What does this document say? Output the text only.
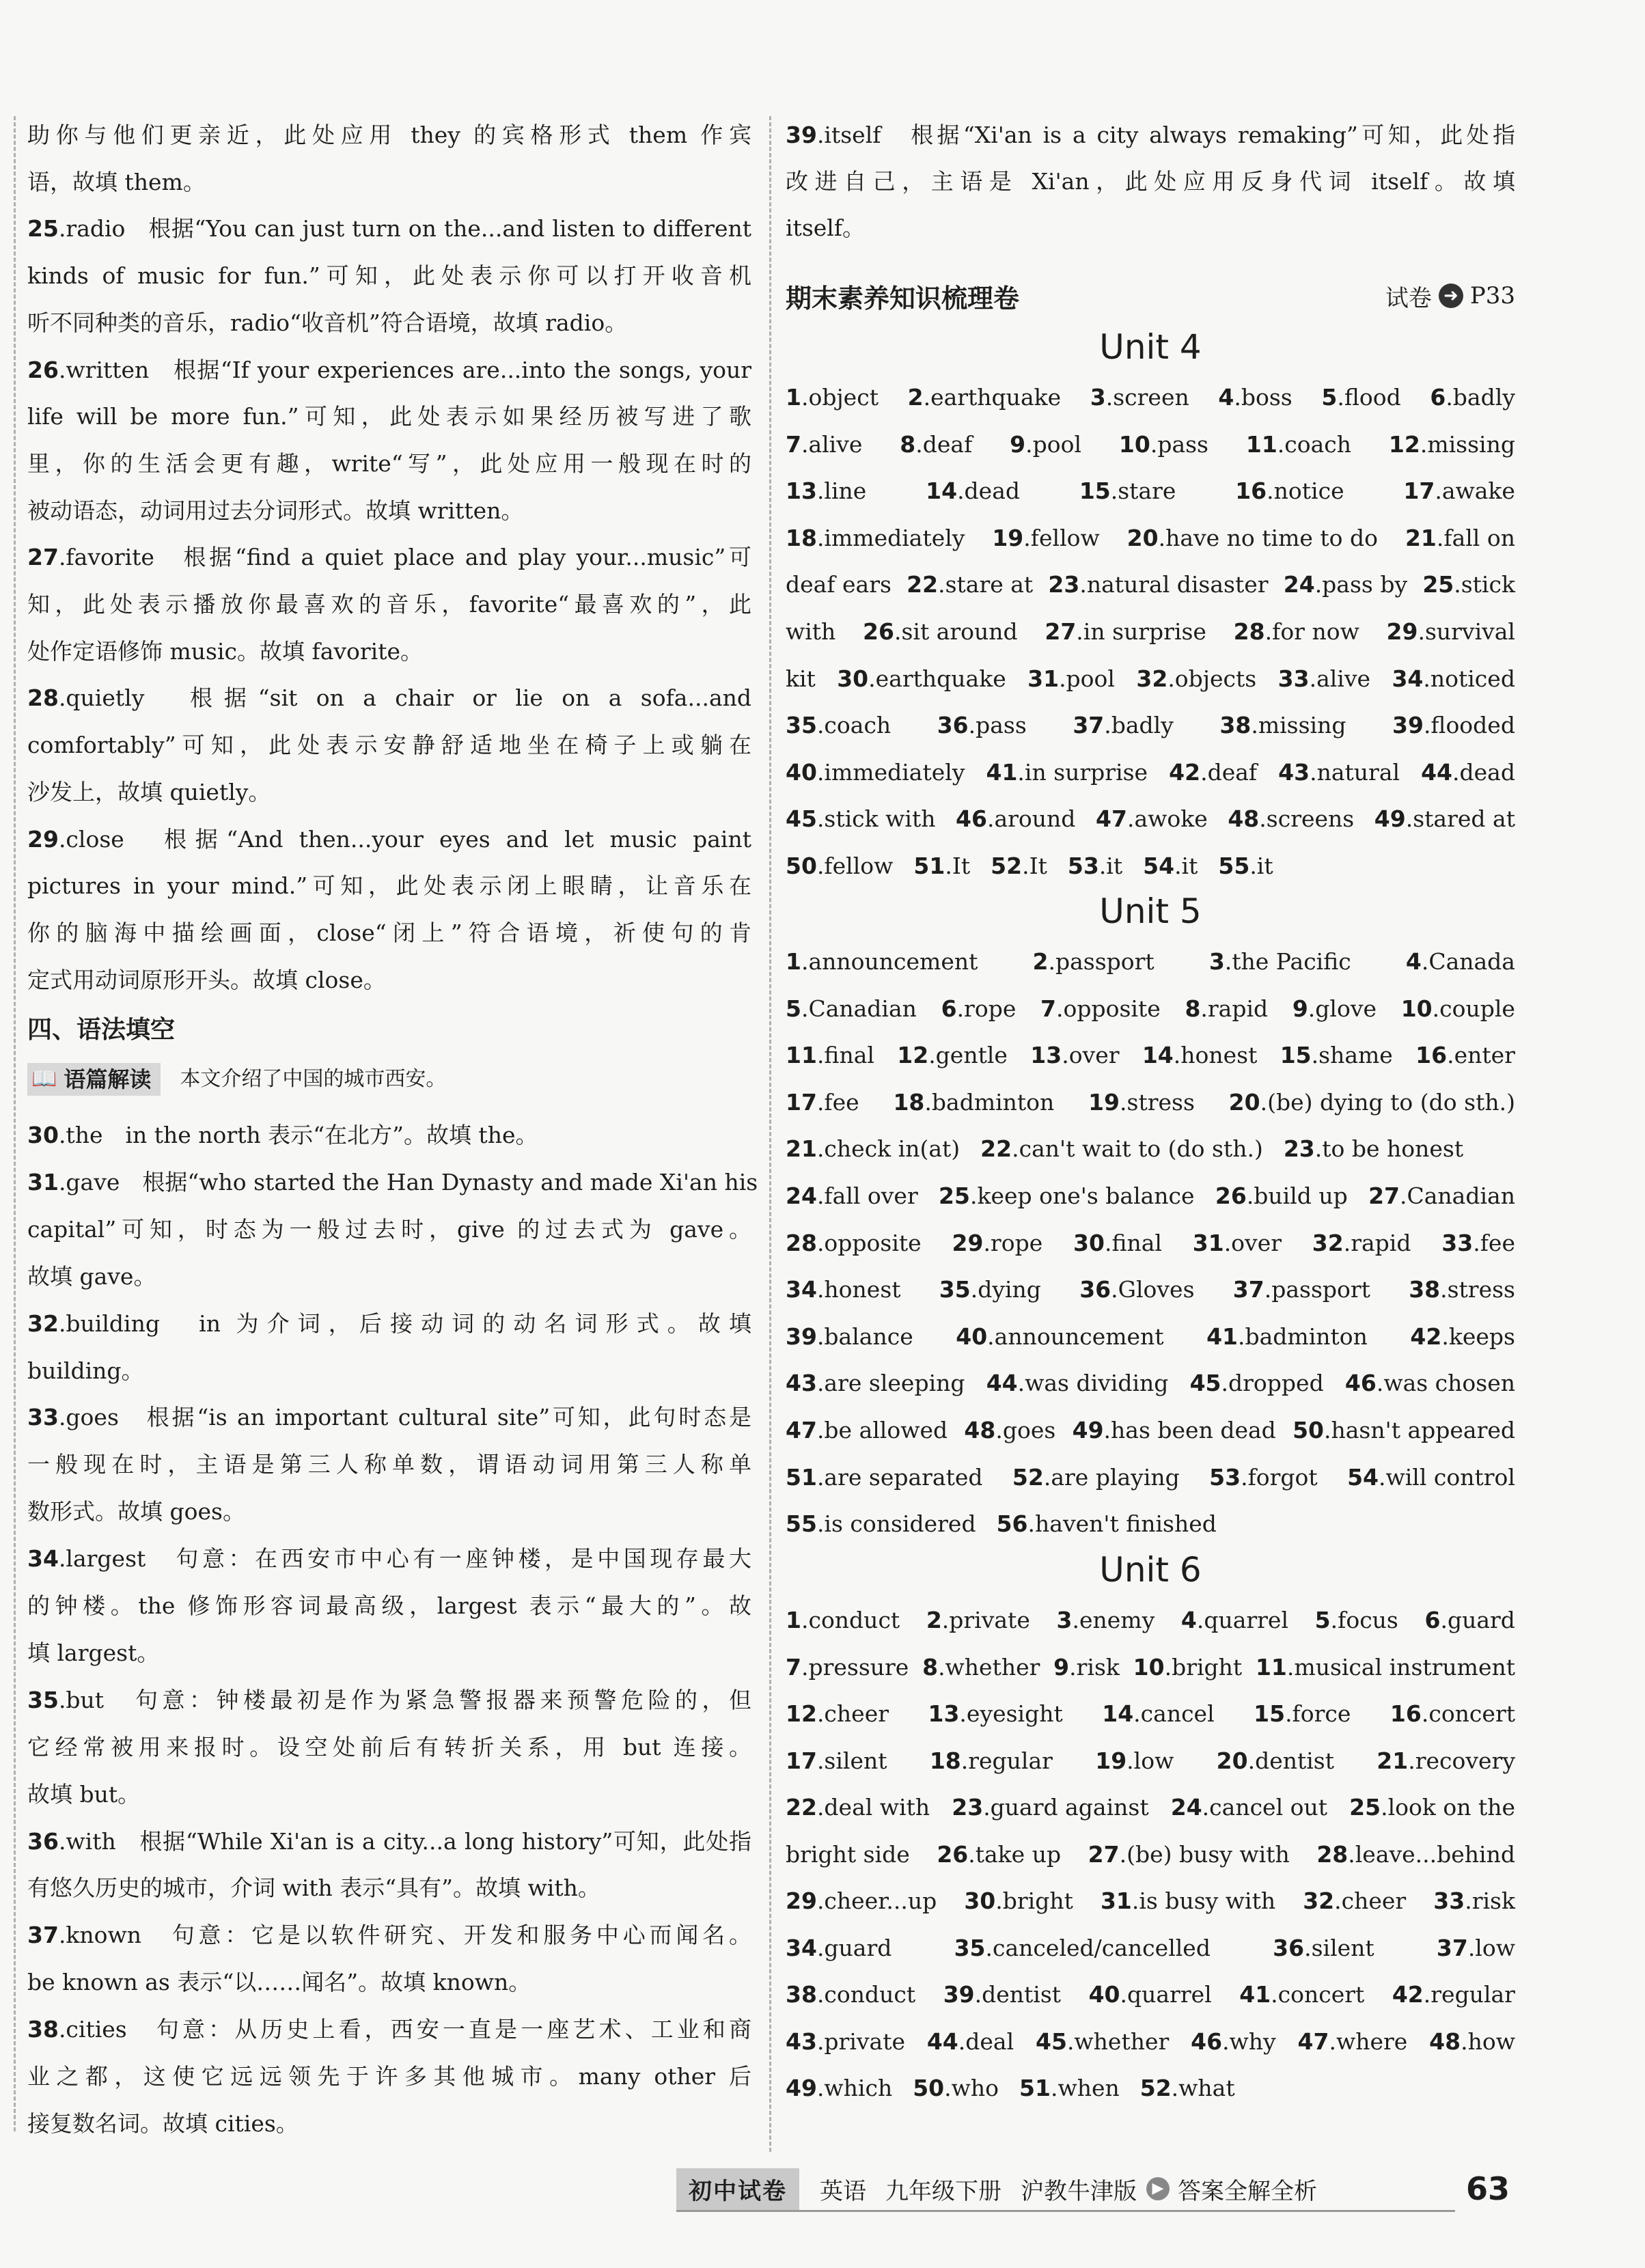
助你与他们更亲近，此处应用 they 的宾格形式 them 作宾
语，故填 them。
25.radio　根据“You can just turn on the...and listen to different
kinds of music for fun.”可知，此处表示你可以打开收音机
听不同种类的音乐，radio“收音机”符合语境，故填 radio。
26.written　根据“If your experiences are...into the songs, your
life will be more fun.”可知，此处表示如果经历被写进了歌
里，你的生活会更有趣，write“写”，此处应用一般现在时的
被动语态，动词用过去分词形式。故填 written。
27.favorite　根据“find a quiet place and play your...music”可
知，此处表示播放你最喜欢的音乐，favorite“最喜欢的”，此
处作定语修饰 music。故填 favorite。
28.quietly　根据“sit on a chair or lie on a sofa...and
comfortably”可知，此处表示安静舒适地坐在椅子上或躺在
沙发上，故填 quietly。
29.close　根据“And then...your eyes and let music paint
pictures in your mind.”可知，此处表示闭上眼睛，让音乐在
你的脑海中描绘画面，close“闭上”符合语境，祈使句的肯
定式用动词原形开头。故填 close。
四、语法填空
📖 语篇解读 本文介绍了中国的城市西安。
30.the　in the north 表示“在北方”。故填 the。
31.gave　根据“who started the Han Dynasty and made Xi'an his
capital”可知，时态为一般过去时，give 的过去式为 gave。
故填 gave。
32.building　in 为介词，后接动词的动名词形式。故填
building。
33.goes　根据“is an important cultural site”可知，此句时态是
一般现在时，主语是第三人称单数，谓语动词用第三人称单
数形式。故填 goes。
34.largest　句意：在西安市中心有一座钟楼，是中国现存最大
的钟楼。the 修饰形容词最高级，largest 表示“最大的”。故
填 largest。
35.but　句意：钟楼最初是作为紧急警报器来预警危险的，但
它经常被用来报时。设空处前后有转折关系，用 but 连接。
故填 but。
36.with　根据“While Xi'an is a city...a long history”可知，此处指
有悠久历史的城市，介词 with 表示“具有”。故填 with。
37.known　句意：它是以软件研究、开发和服务中心而闻名。
be known as 表示“以……闻名”。故填 known。
38.cities　句意：从历史上看，西安一直是一座艺术、工业和商
业之都，这使它远远领先于许多其他城市。many other 后
接复数名词。故填 cities。
期末素养知识梳理卷	试卷 ➜ P33
Unit 4
Unit 5
Unit 6
39.itself　根据“Xi'an is a city always remaking”可知，此处指
改进自己，主语是 Xi'an，此处应用反身代词 itself。故填
itself。
1.object 2.earthquake 3.screen 4.boss 5.flood 6.badly
7.alive 8.deaf 9.pool 10.pass 11.coach 12.missing
13.line	14.dead	15.stare	16.notice	17.awake
18.immediately 19.fellow 20.have no time to do 21.fall on
deaf ears 22.stare at 23.natural disaster 24.pass by 25.stick
with 26.sit around 27.in surprise 28.for now 29.survival
kit 30.earthquake 31.pool 32.objects 33.alive 34.noticed
35.coach 36.pass 37.badly 38.missing 39.flooded
40.immediately 41.in surprise 42.deaf 43.natural 44.dead
45.stick with 46.around 47.awoke 48.screens 49.stared at
50.fellow 51.It 52.It 53.it 54.it 55.it
1.announcement 2.passport 3.the Pacific 4.Canada
5.Canadian 6.rope 7.opposite 8.rapid 9.glove 10.couple
11.final 12.gentle 13.over 14.honest 15.shame 16.enter
17.fee 18.badminton 19.stress 20.(be) dying to (do sth.)
21.check in(at) 22.can't wait to (do sth.) 23.to be honest
24.fall over 25.keep one's balance 26.build up 27.Canadian
28.opposite 29.rope 30.final 31.over 32.rapid 33.fee
34.honest 35.dying 36.Gloves 37.passport 38.stress
39.balance 40.announcement 41.badminton 42.keeps
43.are sleeping 44.was dividing 45.dropped 46.was chosen
47.be allowed 48.goes 49.has been dead 50.hasn't appeared
51.are separated 52.are playing 53.forgot 54.will control
55.is considered 56.haven't finished
1.conduct 2.private 3.enemy 4.quarrel 5.focus 6.guard
7.pressure 8.whether 9.risk 10.bright 11.musical instrument
12.cheer 13.eyesight 14.cancel 15.force 16.concert
17.silent 18.regular 19.low 20.dentist 21.recovery
22.deal with 23.guard against 24.cancel out 25.look on the
bright side 26.take up 27.(be) busy with 28.leave...behind
29.cheer...up 30.bright 31.is busy with 32.cheer 33.risk
34.guard	35.canceled/cancelled	36.silent	37.low
38.conduct 39.dentist 40.quarrel 41.concert 42.regular
43.private 44.deal 45.whether 46.why 47.where 48.how
49.which 50.who 51.when 52.what
初中试卷	英语 九年级下册 沪教牛津版	▶ 答案全解全析	63
